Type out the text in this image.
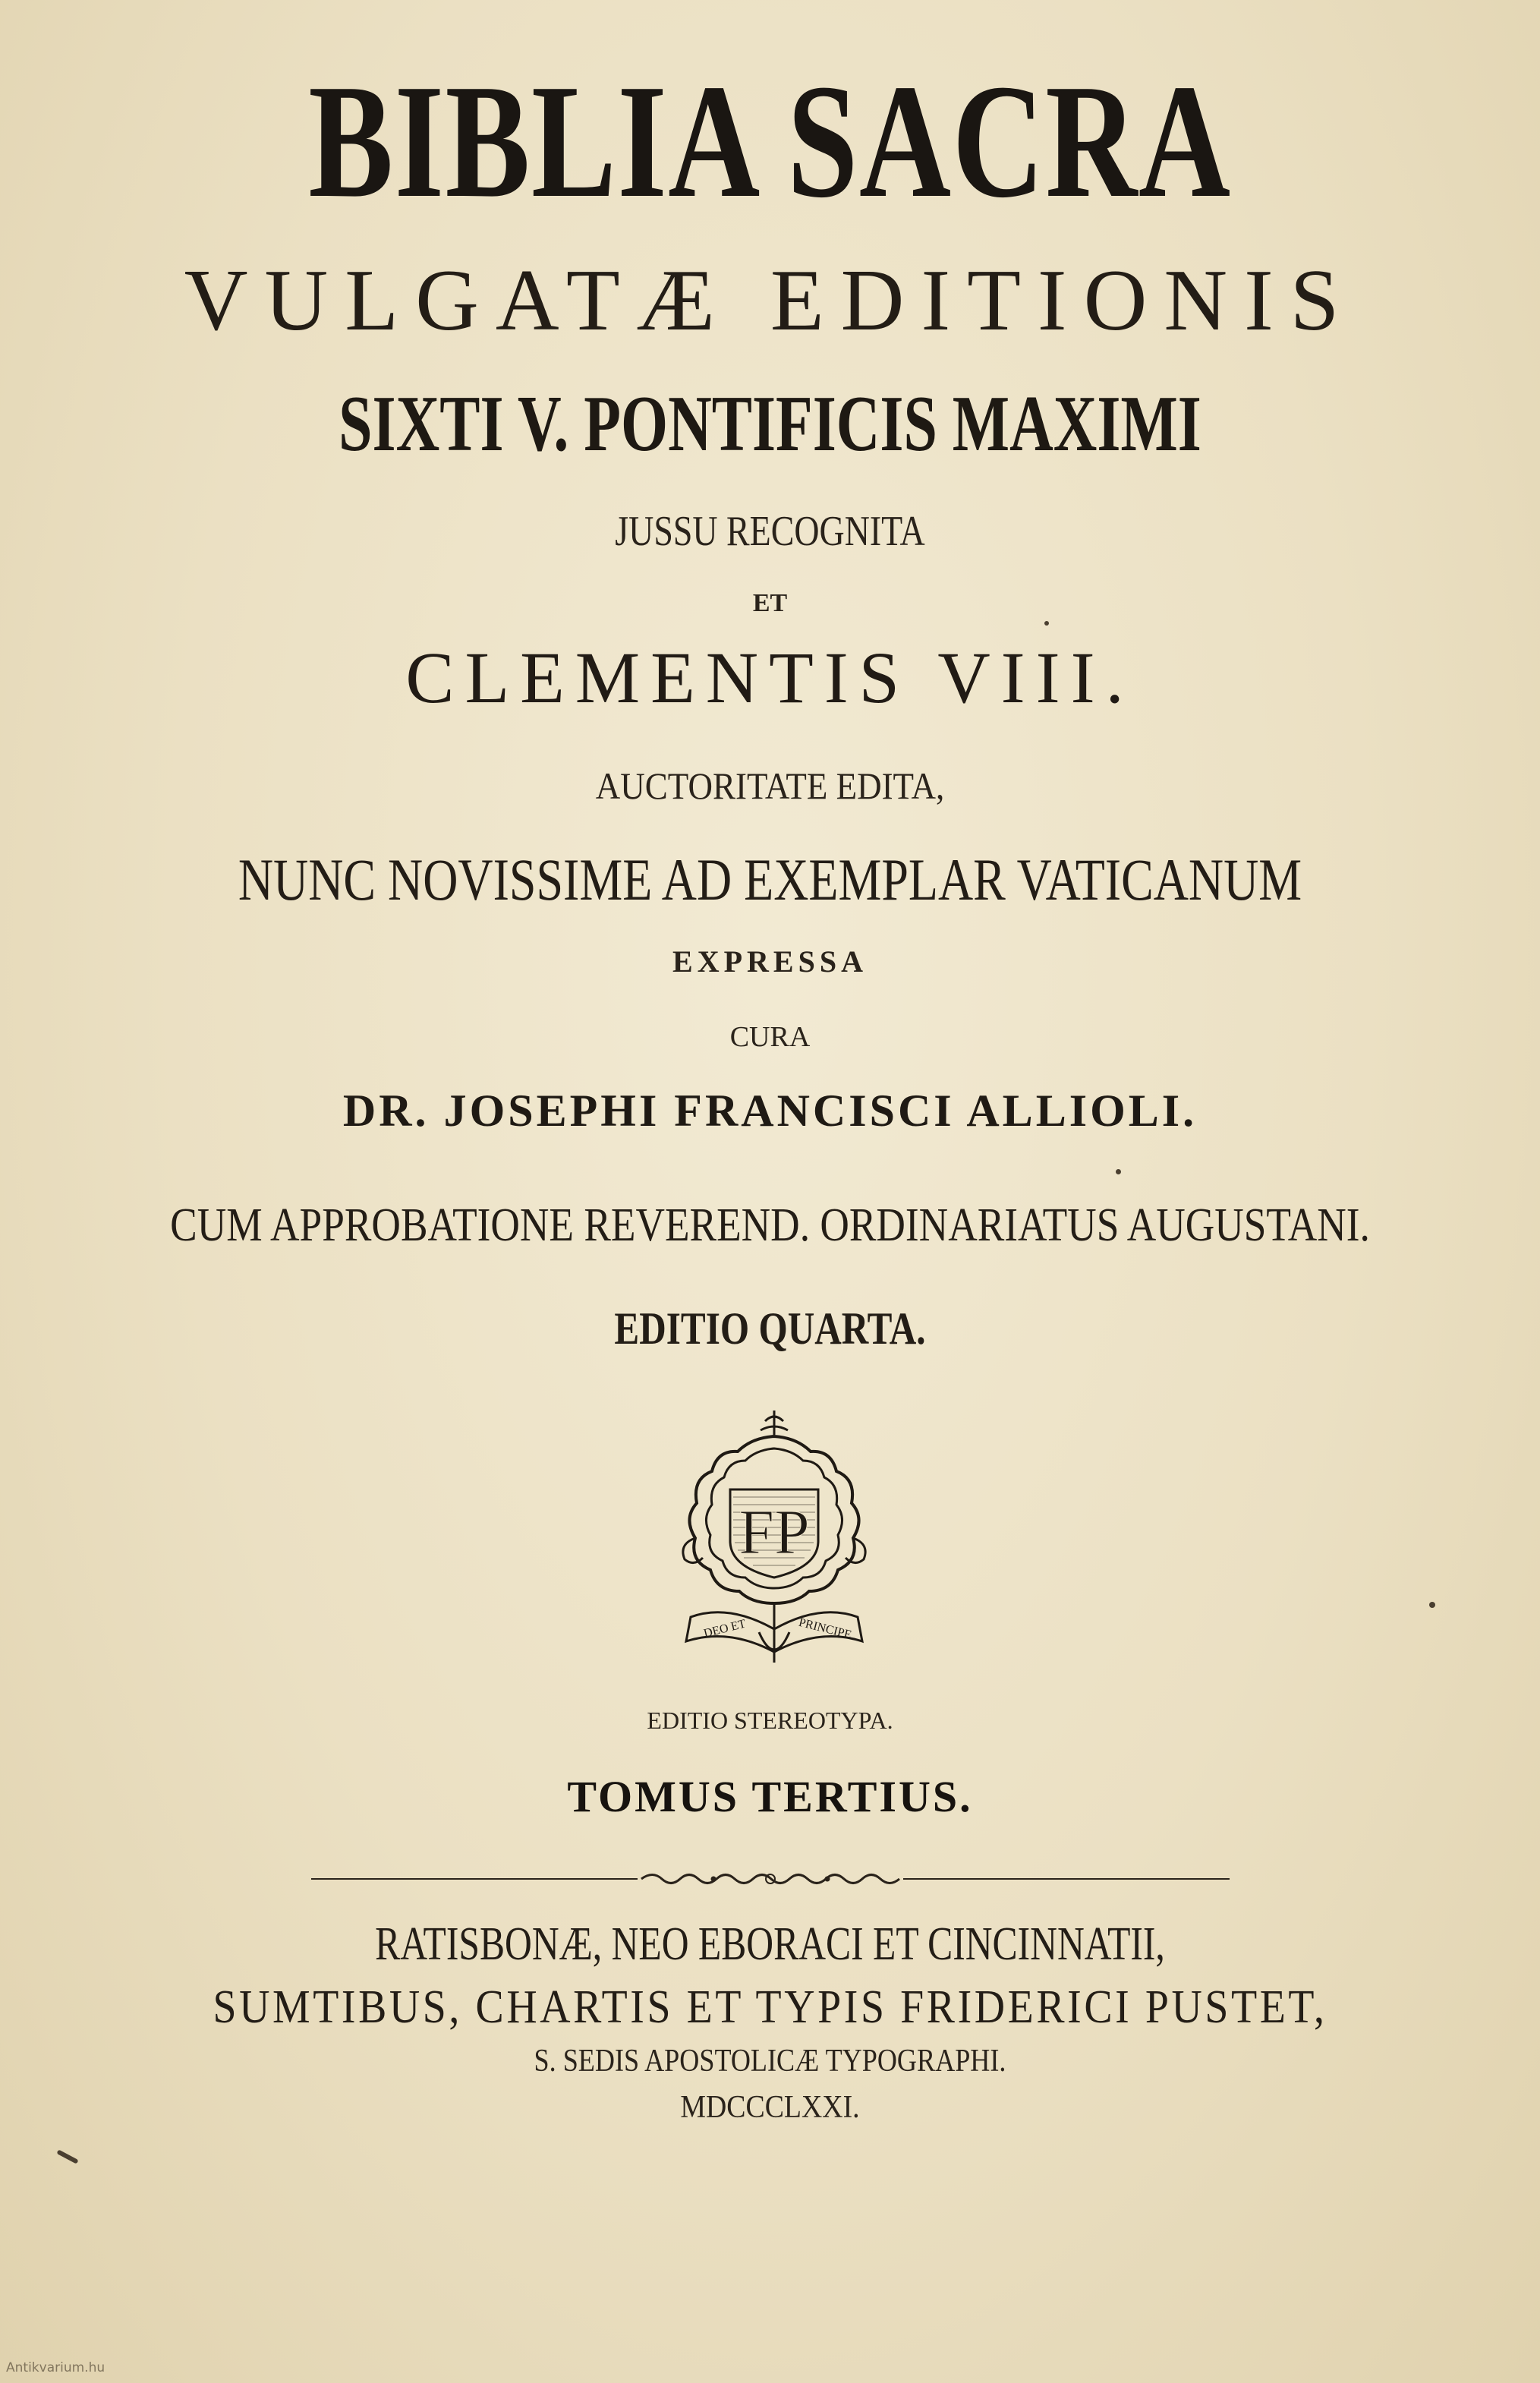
BIBLIA SACRA
VULGATÆ EDITIONIS
SIXTI V. PONTIFICIS MAXIMI
JUSSU RECOGNITA
ET
CLEMENTIS VIII.
AUCTORITATE EDITA,
NUNC NOVISSIME AD EXEMPLAR VATICANUM
EXPRESSA
CURA
DR. JOSEPHI FRANCISCI ALLIOLI.
CUM APPROBATIONE REVEREND. ORDINARIATUS AUGUSTANI.
EDITIO QUARTA.
FP
DEO ET	PRINCIPE
EDITIO STEREOTYPA.
TOMUS TERTIUS.
RATISBONÆ, NEO EBORACI ET CINCINNATII,
SUMTIBUS, CHARTIS ET TYPIS FRIDERICI PUSTET,
S. SEDIS APOSTOLICÆ TYPOGRAPHI.
MDCCCLXXI.
Antikvarium.hu
